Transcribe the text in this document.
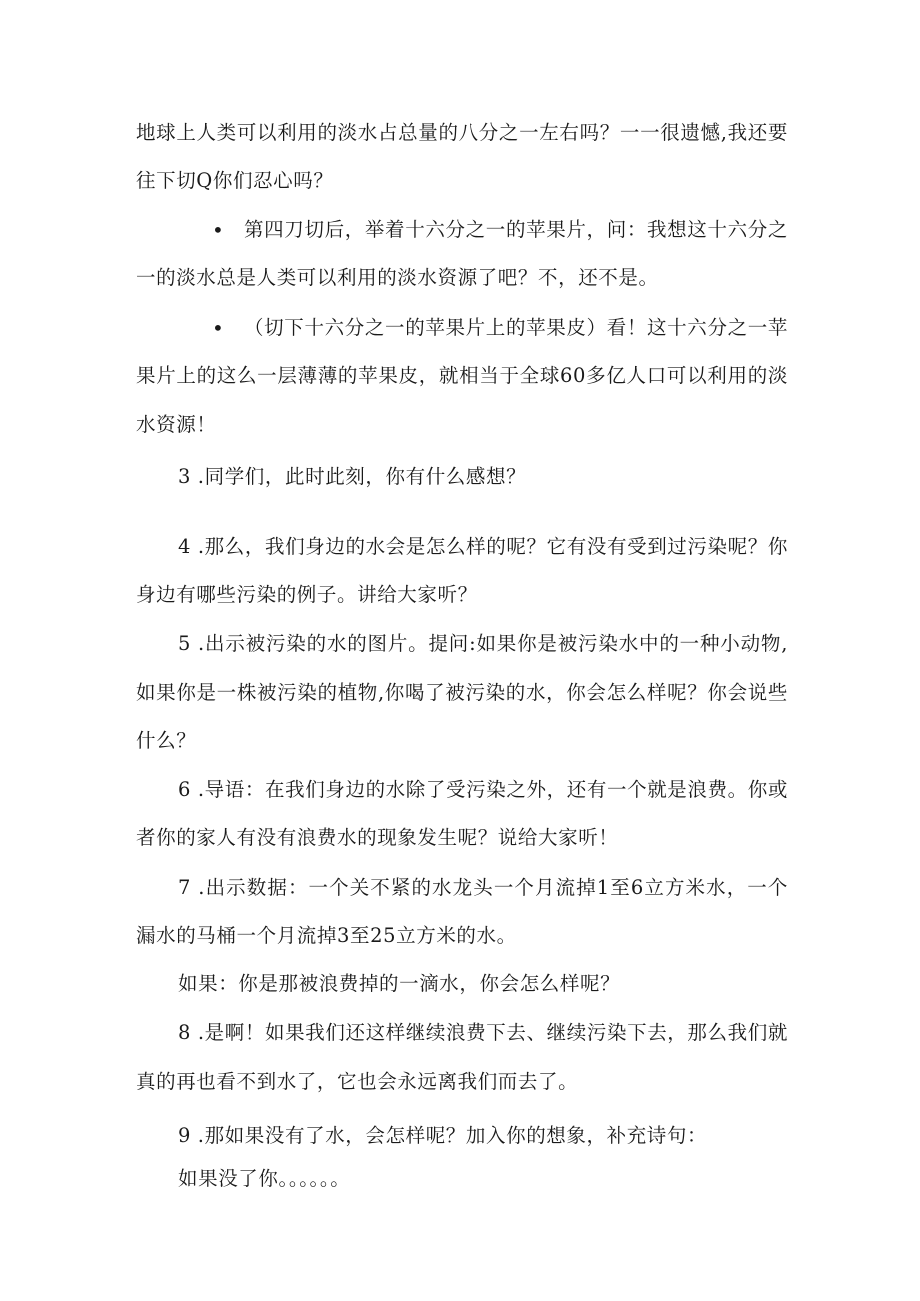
地球上人类可以利用的淡水占总量的八分之一左右吗？一一很遗憾,我还要
往下切Q你们忍心吗？
• 第四刀切后，举着十六分之一的苹果片，问：我想这十六分之
一的淡水总是人类可以利用的淡水资源了吧？不，还不是。
• （切下十六分之一的苹果片上的苹果皮）看！这十六分之一苹
果片上的这么一层薄薄的苹果皮，就相当于全球60多亿人口可以利用的淡
水资源！
3 .同学们，此时此刻，你有什么感想？
4 .那么，我们身边的水会是怎么样的呢？它有没有受到过污染呢？你
身边有哪些污染的例子。讲给大家听？
5 .出示被污染的水的图片。提问:如果你是被污染水中的一种小动物,
如果你是一株被污染的植物,你喝了被污染的水，你会怎么样呢？你会说些
什么？
6 .导语：在我们身边的水除了受污染之外，还有一个就是浪费。你或
者你的家人有没有浪费水的现象发生呢？说给大家听！
7 .出示数据：一个关不紧的水龙头一个月流掉1至6立方米水，一个
漏水的马桶一个月流掉3至25立方米的水。
如果：你是那被浪费掉的一滴水，你会怎么样呢？
8 .是啊！如果我们还这样继续浪费下去、继续污染下去，那么我们就
真的再也看不到水了，它也会永远离我们而去了。
9 .那如果没有了水，会怎样呢？加入你的想象，补充诗句：
如果没了你。。。。。。
